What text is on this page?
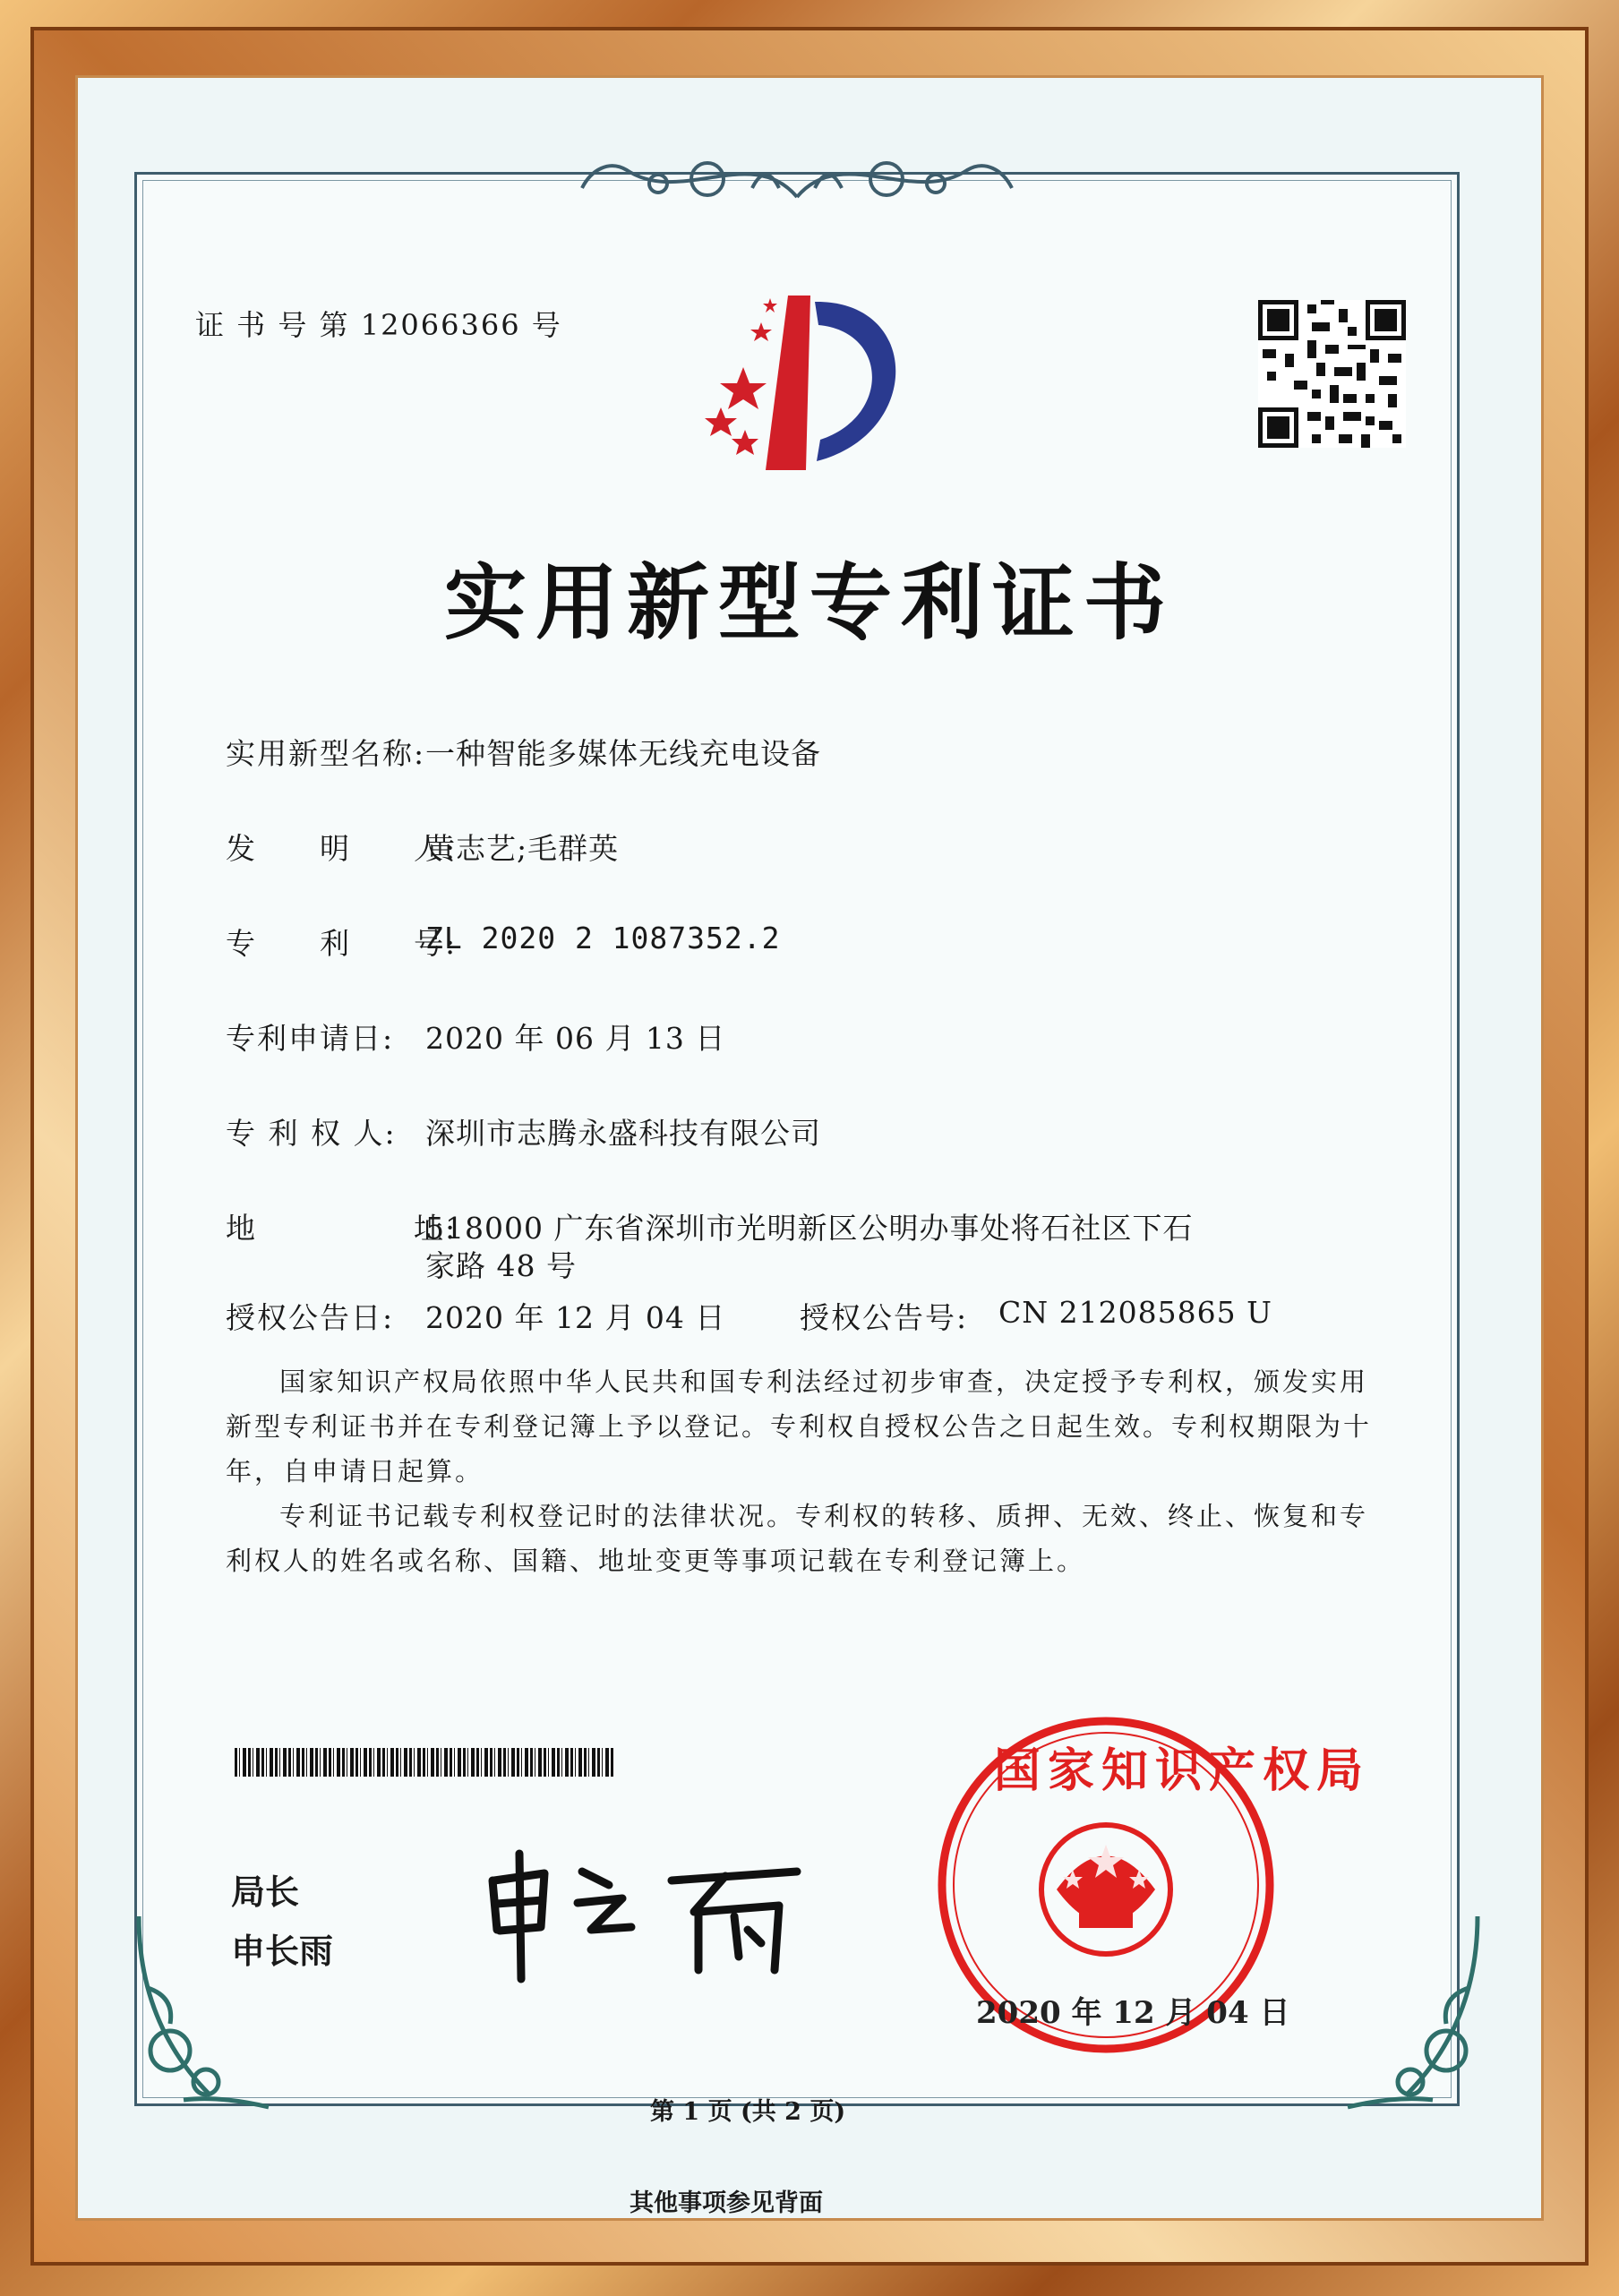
证 书 号 第 12066366 号
实用新型专利证书
实用新型名称: 一种智能多媒体无线充电设备
发　　明　　人:
黄志艺;毛群英
专　　利　　号:
ZL 2020 2 1087352.2
专利申请日: 2020 年 06 月 13 日
专 利 权 人: 深圳市志腾永盛科技有限公司
地　　　　　址:
518000 广东省深圳市光明新区公明办事处将石社区下石
家路 48 号
授权公告日: 2020 年 12 月 04 日	授权公告号: CN 212085865 U
国家知识产权局依照中华人民共和国专利法经过初步审查，决定授予专利权，颁发实用新型专利证书并在专利登记簿上予以登记。专利权自授权公告之日起生效。专利权期限为十年，自申请日起算。
专利证书记载专利权登记时的法律状况。专利权的转移、质押、无效、终止、恢复和专利权人的姓名或名称、国籍、地址变更等事项记载在专利登记簿上。
局长
申长雨
国家知识产权局
2020 年 12 月 04 日
第 1 页 (共 2 页)
其他事项参见背面
